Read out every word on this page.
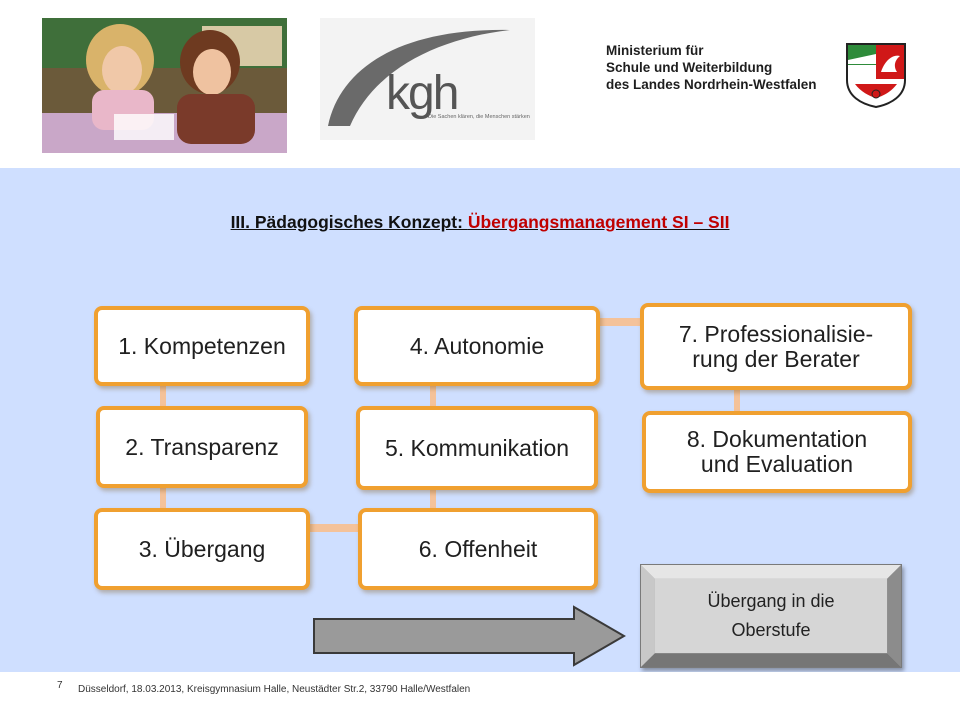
kgh
Die Sachen klären, die Menschen stärken
Ministerium für
Schule und Weiterbildung
des Landes Nordrhein-Westfalen
III. Pädagogisches Konzept: Übergangsmanagement SI – SII
1. Kompetenzen
2. Transparenz
3. Übergang
4. Autonomie
5. Kommunikation
6. Offenheit
7. Professionalisie-
rung der Berater
8. Dokumentation
und Evaluation
Übergang in die
Oberstufe
7 Düsseldorf, 18.03.2013, Kreisgymnasium Halle, Neustädter Str.2, 33790 Halle/Westfalen
